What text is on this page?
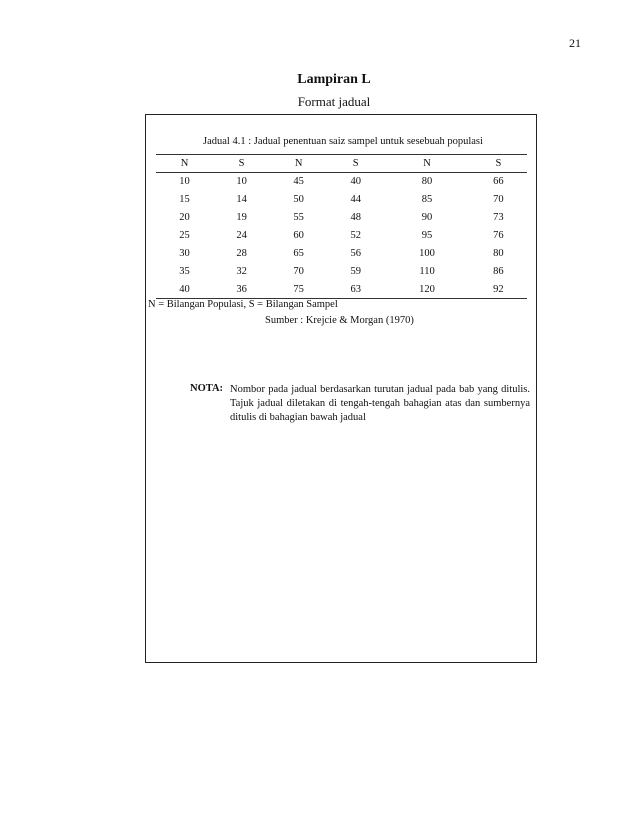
21
Lampiran L
Format jadual
Jadual 4.1 : Jadual penentuan saiz sampel untuk sesebuah populasi
N	S	N	S	N	S
10	10	45	40	80	66
15	14	50	44	85	70
20	19	55	48	90	73
25	24	60	52	95	76
30	28	65	56	100	80
35	32	70	59	110	86
40	36	75	63	120	92
N = Bilangan Populasi, S = Bilangan Sampel
Sumber : Krejcie & Morgan (1970)
NOTA: Nombor pada jadual berdasarkan turutan jadual pada bab yang ditulis. Tajuk jadual diletakan di tengah-tengah bahagian atas dan sumbernya ditulis di bahagian bawah jadual
